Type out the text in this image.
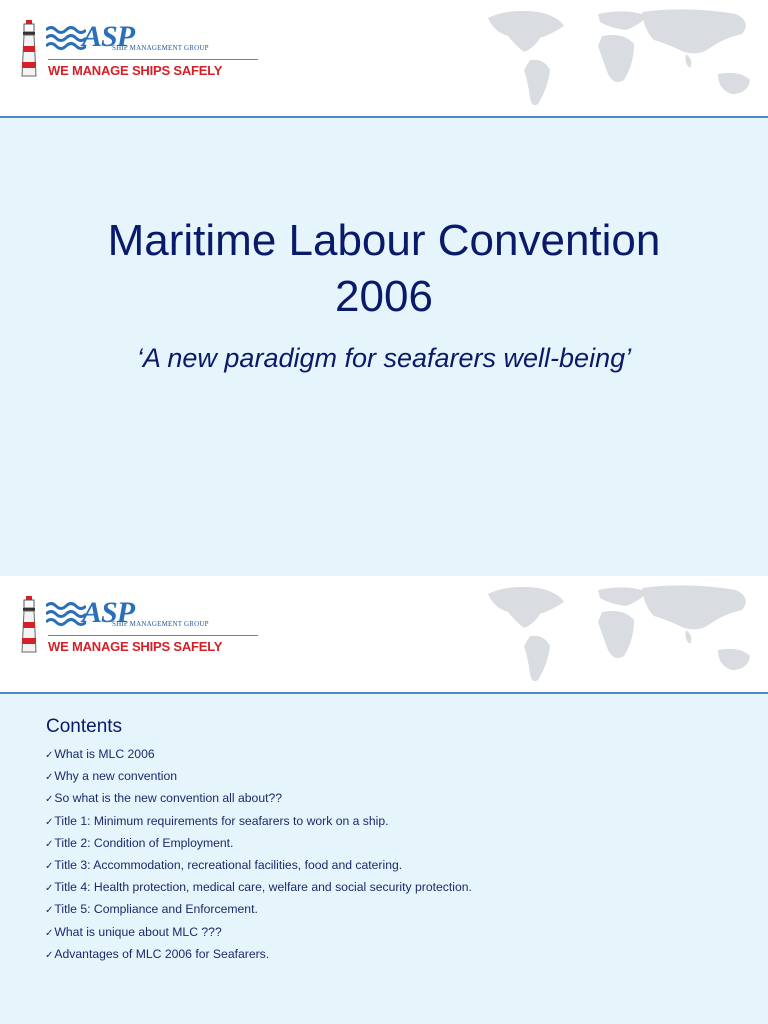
ASP
SHIP MANAGEMENT GROUP
WE MANAGE SHIPS SAFELY
Maritime Labour Convention
2006
‘A new paradigm for seafarers well-being’
ASP
SHIP MANAGEMENT GROUP
WE MANAGE SHIPS SAFELY
Contents
✓What is MLC 2006
✓Why a new convention
✓So what is the new convention all about??
✓Title 1: Minimum requirements for seafarers to work on a ship.
✓Title 2: Condition of Employment.
✓Title 3: Accommodation, recreational facilities, food and catering.
✓Title 4: Health protection, medical care, welfare and social security protection.
✓Title 5: Compliance and Enforcement.
✓What is unique about MLC ???
✓Advantages of MLC 2006 for Seafarers.
